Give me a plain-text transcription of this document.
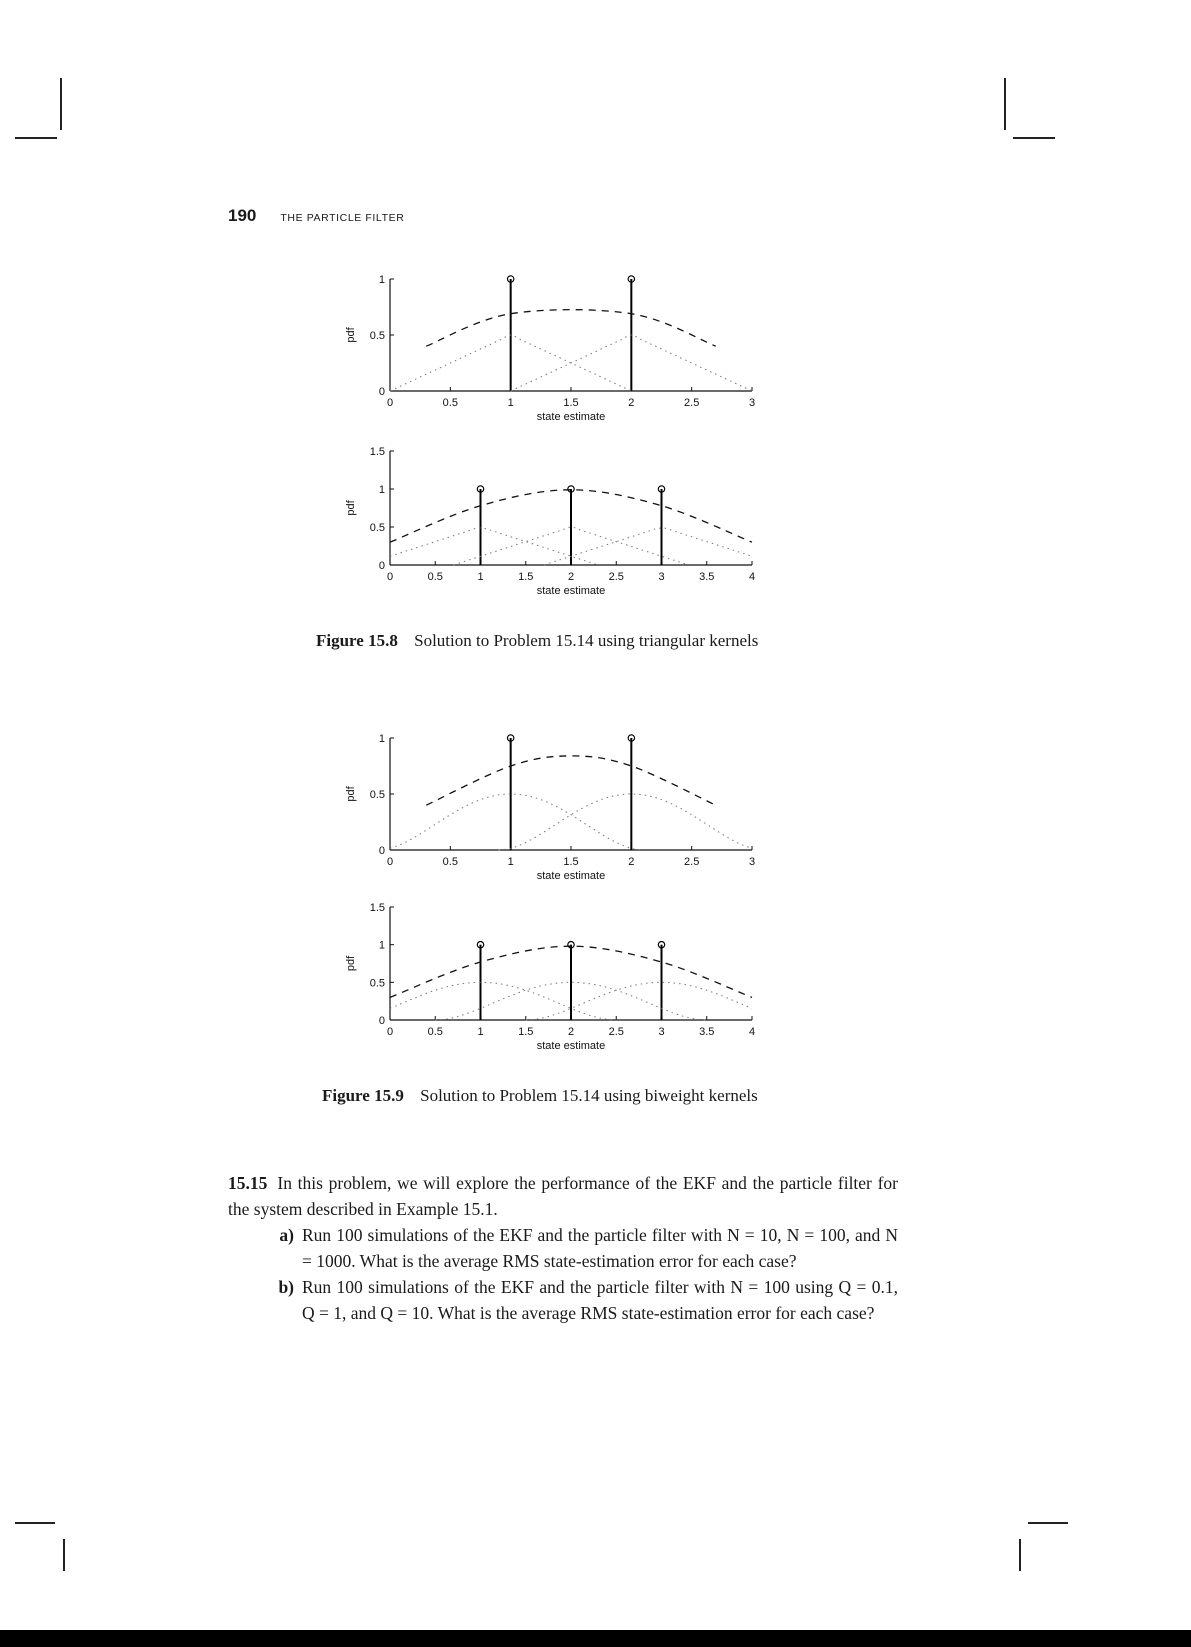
190 THE PARTICLE FILTER
0	0.5	1	1.5	2	2.5	3
0
0.5
1
state estimate
pdf
0	0.5	1	1.5	2	2.5	3	3.5	4
0
0.5
1
1.5
state estimate
pdf
Figure 15.8 Solution to Problem 15.14 using triangular kernels
0	0.5	1	1.5	2	2.5	3
0
0.5
1
state estimate
pdf
0	0.5	1	1.5	2	2.5	3	3.5	4
0
0.5
1
1.5
state estimate
pdf
Figure 15.9 Solution to Problem 15.14 using biweight kernels
15.15 In this problem, we will explore the performance of the EKF and the particle filter for the system described in Example 15.1.
a) Run 100 simulations of the EKF and the particle filter with N = 10, N = 100, and N = 1000. What is the average RMS state-estimation error for each case?
b) Run 100 simulations of the EKF and the particle filter with N = 100 using Q = 0.1, Q = 1, and Q = 10. What is the average RMS state-estimation error for each case?
